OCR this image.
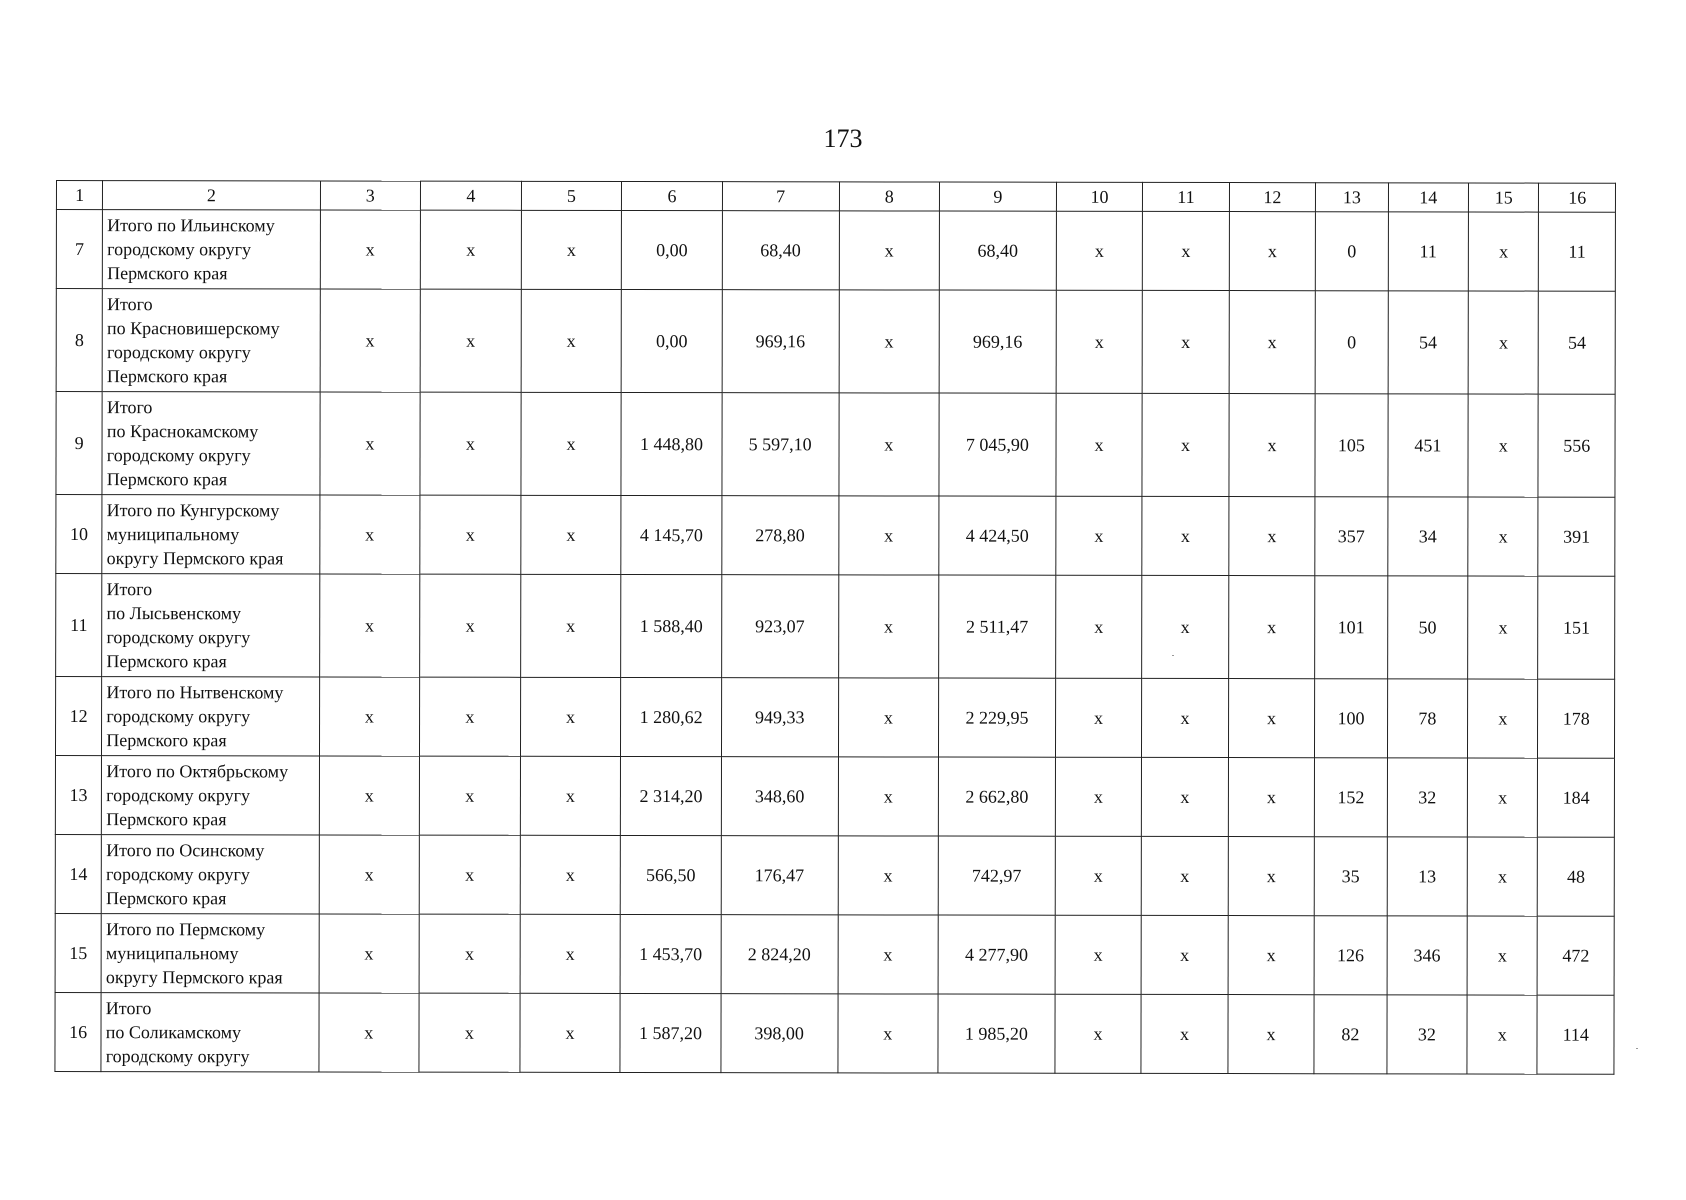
173
1	2	3	4	5	6	7	8	9	10	11	12	13	14	15	16
7	Итого по Ильинскому
городскому округу
Пермского края	x	x	x	0,00	68,40	x	68,40	x	x	x	0	11	x	11
8	Итого
по Красновишерскому
городскому округу
Пермского края	x	x	x	0,00	969,16	x	969,16	x	x	x	0	54	x	54
9	Итого
по Краснокамскому
городскому округу
Пермского края	x	x	x	1 448,80	5 597,10	x	7 045,90	x	x	x	105	451	x	556
10	Итого по Кунгурскому
муниципальному
округу Пермского края	x	x	x	4 145,70	278,80	x	4 424,50	x	x	x	357	34	x	391
11	Итого
по Лысьвенскому
городскому округу
Пермского края	x	x	x	1 588,40	923,07	x	2 511,47	x	x	x	101	50	x	151
12	Итого по Нытвенскому
городскому округу
Пермского края	x	x	x	1 280,62	949,33	x	2 229,95	x	x	x	100	78	x	178
13	Итого по Октябрьскому
городскому округу
Пермского края	x	x	x	2 314,20	348,60	x	2 662,80	x	x	x	152	32	x	184
14	Итого по Осинскому
городскому округу
Пермского края	x	x	x	566,50	176,47	x	742,97	x	x	x	35	13	x	48
15	Итого по Пермскому
муниципальному
округу Пермского края	x	x	x	1 453,70	2 824,20	x	4 277,90	x	x	x	126	346	x	472
16	Итого
по Соликамскому
городскому округу	x	x	x	1 587,20	398,00	x	1 985,20	x	x	x	82	32	x	114
